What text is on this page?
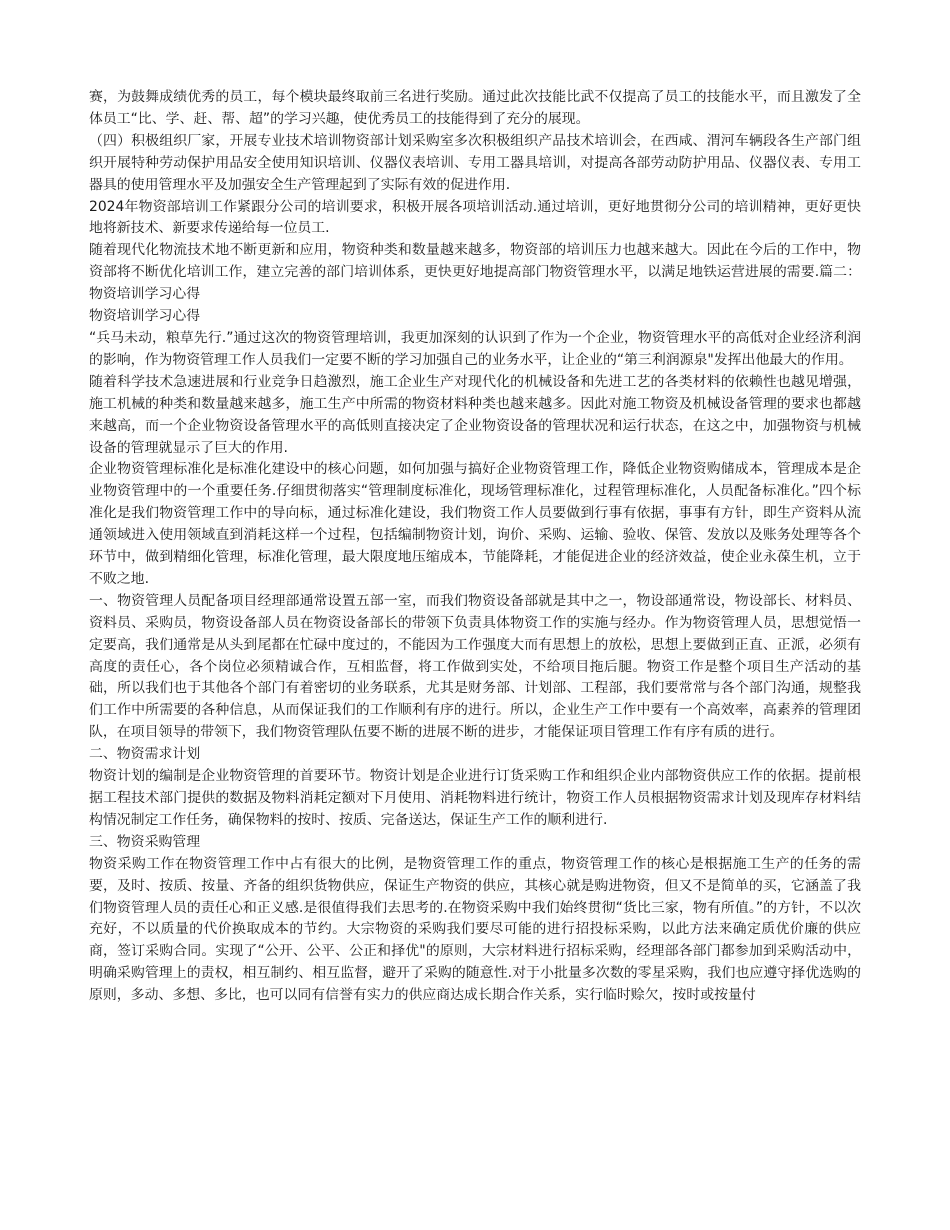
赛，为鼓舞成绩优秀的员工，每个模块最终取前三名进行奖励。通过此次技能比武不仅提高了员工的技能水平，而且激发了全体员工“比、学、赶、帮、超”的学习兴趣，使优秀员工的技能得到了充分的展现。

（四）积极组织厂家，开展专业技术培训物资部计划采购室多次积极组织产品技术培训会，在西咸、渭河车辆段各生产部门组织开展特种劳动保护用品安全使用知识培训、仪器仪表培训、专用工器具培训，对提高各部劳动防护用品、仪器仪表、专用工器具的使用管理水平及加强安全生产管理起到了实际有效的促进作用.

2024年物资部培训工作紧跟分公司的培训要求，积极开展各项培训活动.通过培训，更好地贯彻分公司的培训精神，更好更快地将新技术、新要求传递给每一位员工.

随着现代化物流技术地不断更新和应用，物资种类和数量越来越多，物资部的培训压力也越来越大。因此在今后的工作中，物资部将不断优化培训工作，建立完善的部门培训体系，更快更好地提高部门物资管理水平，以满足地铁运营进展的需要.篇二：物资培训学习心得

物资培训学习心得

“兵马未动，粮草先行.”通过这次的物资管理培训，我更加深刻的认识到了作为一个企业，物资管理水平的高低对企业经济利润的影响，作为物资管理工作人员我们一定要不断的学习加强自己的业务水平，让企业的“第三利润源泉"发挥出他最大的作用。

随着科学技术急速进展和行业竞争日趋激烈，施工企业生产对现代化的机械设备和先进工艺的各类材料的依赖性也越见增强，施工机械的种类和数量越来越多，施工生产中所需的物资材料种类也越来越多。因此对施工物资及机械设备管理的要求也都越来越高，而一个企业物资设备管理水平的高低则直接决定了企业物资设备的管理状况和运行状态，在这之中，加强物资与机械设备的管理就显示了巨大的作用.

企业物资管理标准化是标准化建设中的核心问题，如何加强与搞好企业物资管理工作，降低企业物资购储成本，管理成本是企业物资管理中的一个重要任务.仔细贯彻落实“管理制度标准化，现场管理标准化，过程管理标准化，人员配备标准化。”四个标准化是我们物资管理工作中的导向标，通过标准化建设，我们物资工作人员要做到行事有依据，事事有方针，即生产资料从流通领域进入使用领域直到消耗这样一个过程，包括编制物资计划，询价、采购、运输、验收、保管、发放以及账务处理等各个环节中，做到精细化管理，标准化管理，最大限度地压缩成本，节能降耗，才能促进企业的经济效益，使企业永葆生机，立于不败之地.

一、物资管理人员配备项目经理部通常设置五部一室，而我们物资设备部就是其中之一，物设部通常设，物设部长、材料员、资料员、采购员，物资设备部人员在物资设备部长的带领下负责具体物资工作的实施与经办。作为物资管理人员，思想觉悟一定要高，我们通常是从头到尾都在忙碌中度过的，不能因为工作强度大而有思想上的放松，思想上要做到正直、正派，必须有高度的责任心，各个岗位必须精诚合作，互相监督，将工作做到实处，不给项目拖后腿。物资工作是整个项目生产活动的基础，所以我们也于其他各个部门有着密切的业务联系，尤其是财务部、计划部、工程部，我们要常常与各个部门沟通，规整我们工作中所需要的各种信息，从而保证我们的工作顺利有序的进行。所以，企业生产工作中要有一个高效率，高素养的管理团队，在项目领导的带领下，我们物资管理队伍要不断的进展不断的进步，才能保证项目管理工作有序有质的进行。

二、物资需求计划

物资计划的编制是企业物资管理的首要环节。物资计划是企业进行订货采购工作和组织企业内部物资供应工作的依据。提前根据工程技术部门提供的数据及物料消耗定额对下月使用、消耗物料进行统计，物资工作人员根据物资需求计划及现库存材料结构情况制定工作任务，确保物料的按时、按质、完备送达，保证生产工作的顺利进行.

三、物资采购管理

物资采购工作在物资管理工作中占有很大的比例，是物资管理工作的重点，物资管理工作的核心是根据施工生产的任务的需要，及时、按质、按量、齐备的组织货物供应，保证生产物资的供应，其核心就是购进物资，但又不是简单的买，它涵盖了我们物资管理人员的责任心和正义感.是很值得我们去思考的.在物资采购中我们始终贯彻“货比三家，物有所值。”的方针，不以次充好，不以质量的代价换取成本的节约。大宗物资的采购我们要尽可能的进行招投标采购，以此方法来确定质优价廉的供应商，签订采购合同。实现了“公开、公平、公正和择优"的原则，大宗材料进行招标采购，经理部各部门都参加到采购活动中，明确采购管理上的责权，相互制约、相互监督，避开了采购的随意性.对于小批量多次数的零星采购，我们也应遵守择优选购的原则，多动、多想、多比，也可以同有信誉有实力的供应商达成长期合作关系，实行临时赊欠，按时或按量付
